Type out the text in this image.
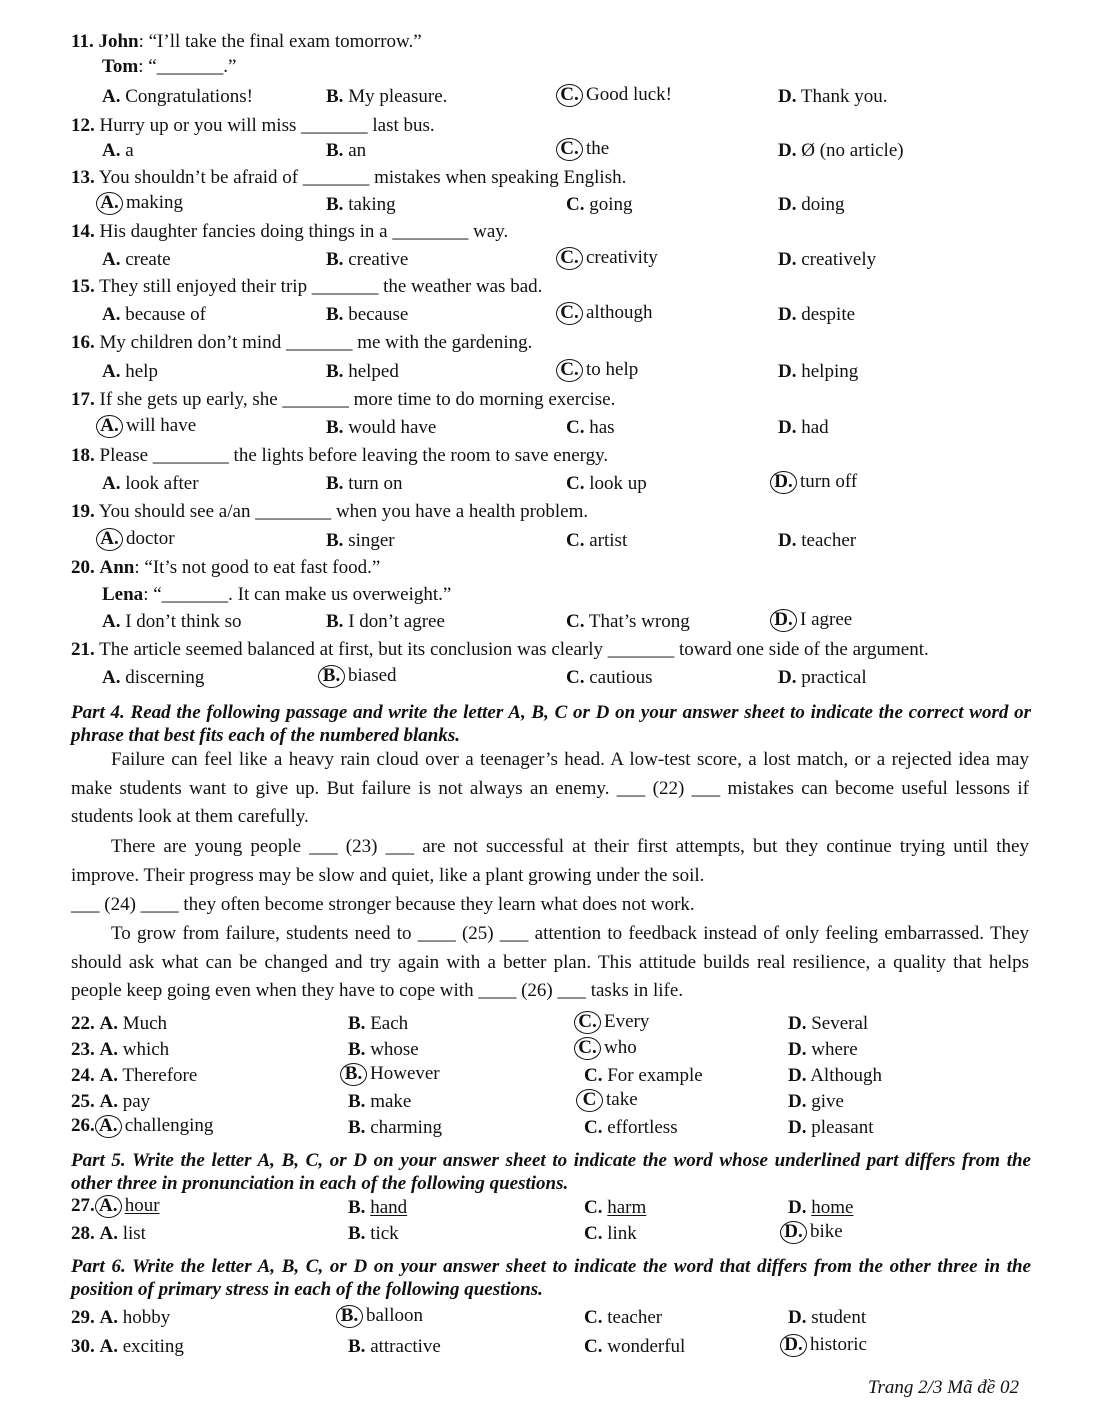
11. John: “I’ll take the final exam tomorrow.”
Tom: “_______.”
A. Congratulations!	B. My pleasure.	C. Good luck!	D. Thank you.
12. Hurry up or you will miss _______ last bus.
A. a	B. an	C. the	D. Ø (no article)
13. You shouldn’t be afraid of _______ mistakes when speaking English.
A. making	B. taking	C. going	D. doing
14. His daughter fancies doing things in a ________ way.
A. create	B. creative	C. creativity	D. creatively
15. They still enjoyed their trip _______ the weather was bad.
A. because of	B. because	C. although	D. despite
16. My children don’t mind _______ me with the gardening.
A. help	B. helped	C. to help	D. helping
17. If she gets up early, she _______ more time to do morning exercise.
A. will have	B. would have	C. has	D. had
18. Please ________ the lights before leaving the room to save energy.
A. look after	B. turn on	C. look up	D. turn off
19. You should see a/an ________ when you have a health problem.
A. doctor	B. singer	C. artist	D. teacher
20. Ann: “It’s not good to eat fast food.”
Lena: “_______. It can make us overweight.”
A. I don’t think so	B. I don’t agree	C. That’s wrong	D. I agree
21. The article seemed balanced at first, but its conclusion was clearly _______ toward one side of the argument.
A. discerning	B. biased	C. cautious	D. practical
Part 4. Read the following passage and write the letter A, B, C or D on your answer sheet to indicate the correct word or phrase that best fits each of the numbered blanks.
Failure can feel like a heavy rain cloud over a teenager’s head. A low-test score, a lost match, or a rejected idea may make students want to give up. But failure is not always an enemy. ___ (22) ___ mistakes can become useful lessons if students look at them carefully.
There are young people ___ (23) ___ are not successful at their first attempts, but they continue trying until they improve. Their progress may be slow and quiet, like a plant growing under the soil.
___ (24) ____ they often become stronger because they learn what does not work.
To grow from failure, students need to ____ (25) ___ attention to feedback instead of only feeling embarrassed. They should ask what can be changed and try again with a better plan. This attitude builds real resilience, a quality that helps people keep going even when they have to cope with ____ (26) ___ tasks in life.
22. A. Much	B. Each	C. Every	D. Several
23. A. which	B. whose	C. who	D. where
24. A. Therefore	B. However	C. For example	D. Although
25. A. pay	B. make	C take	D. give
26. A. challenging	B. charming	C. effortless	D. pleasant
Part 5. Write the letter A, B, C, or D on your answer sheet to indicate the word whose underlined part differs from the other three in pronunciation in each of the following questions.
27. A. hour	B. hand	C. harm	D. home
28. A. list	B. tick	C. link	D. bike
Part 6. Write the letter A, B, C, or D on your answer sheet to indicate the word that differs from the other three in the position of primary stress in each of the following questions.
29. A. hobby	B. balloon	C. teacher	D. student
30. A. exciting	B. attractive	C. wonderful	D. historic
Trang 2/3 Mã đề 02
